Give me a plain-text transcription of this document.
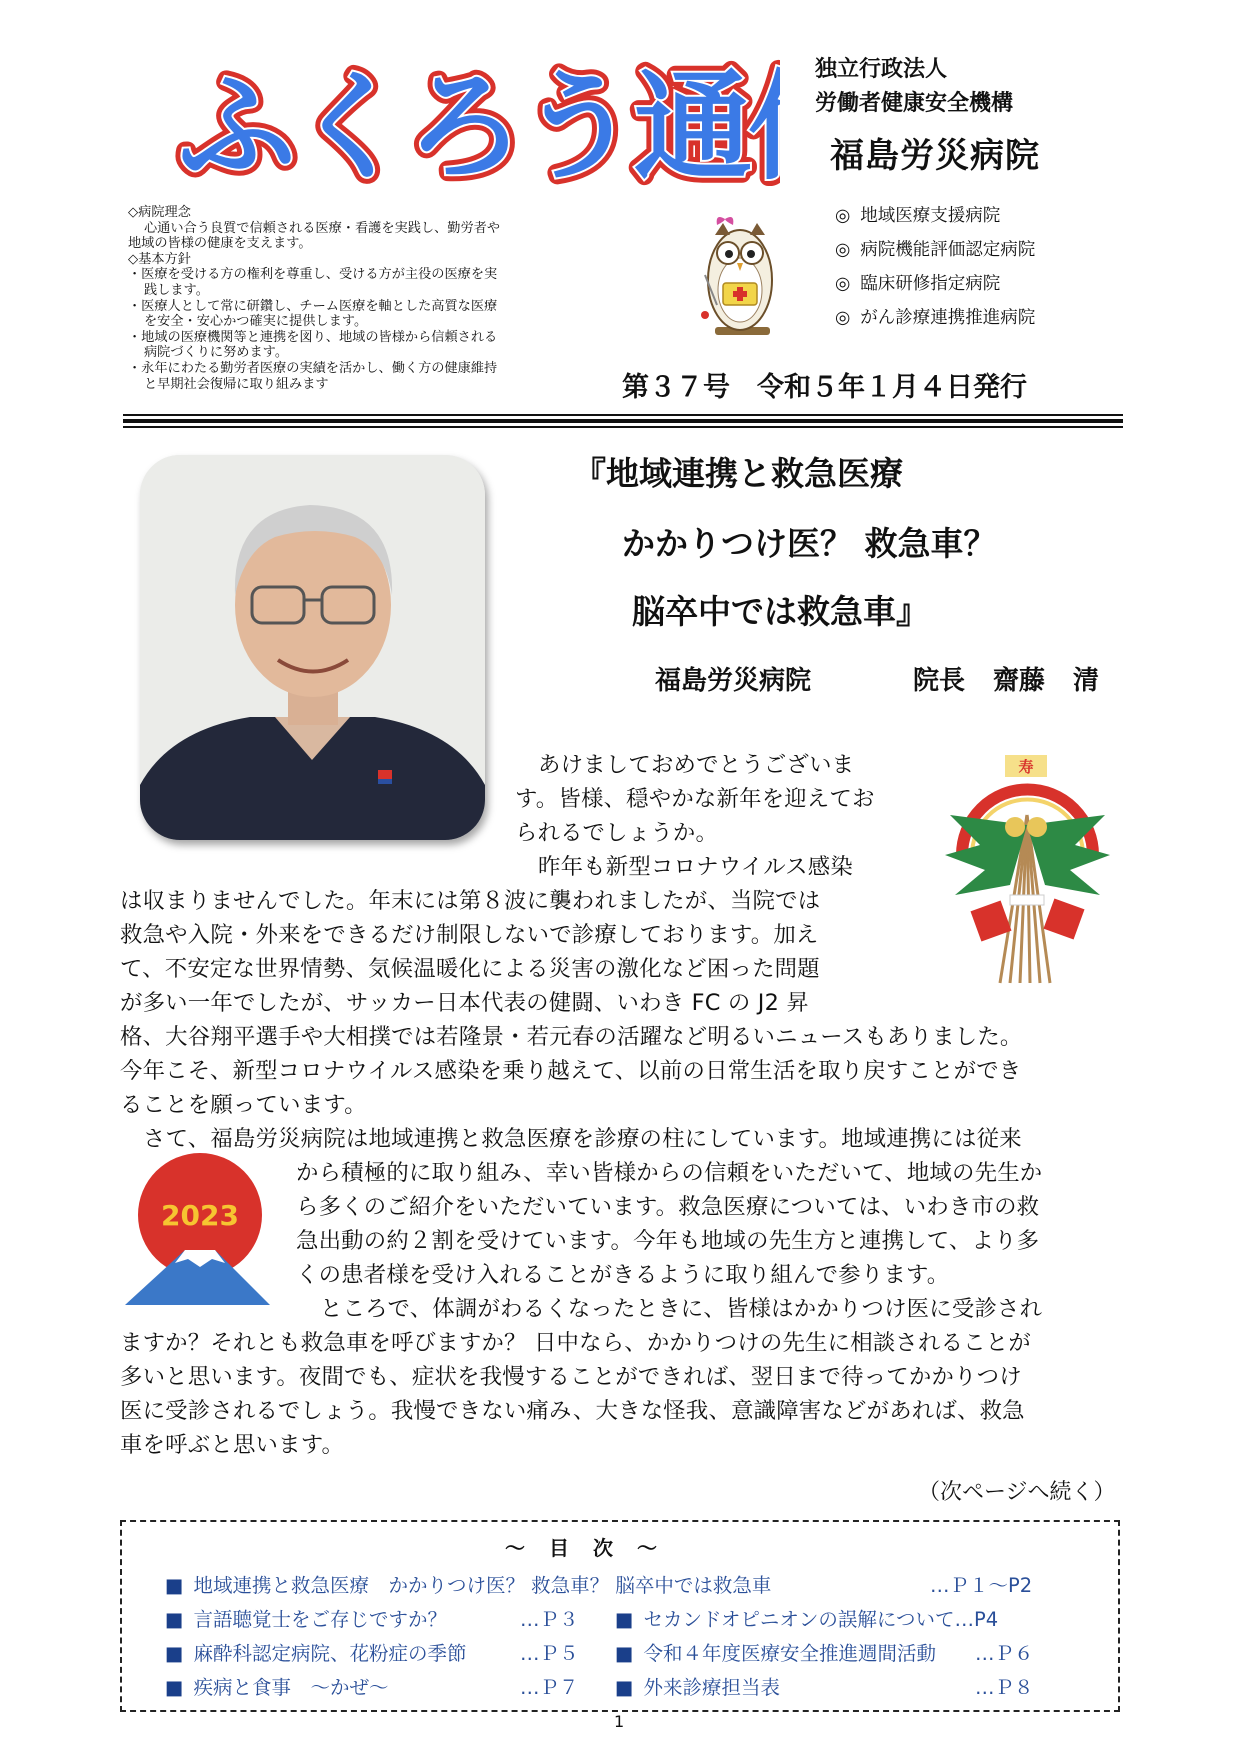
ふくろう通
ふくろう通	独立行政法人
労働者健康安全機構
福島労災病院
◇病院理念
心通い合う良質で信頼される医療・看護を実践し、勤労者や
地域の皆様の健康を支えます。
◇基本方針
・医療を受ける方の権利を尊重し、受ける方が主役の医療を実
践します。
・医療人として常に研鑽し、チーム医療を軸とした高質な医療
を安全・安心かつ確実に提供します。
・地域の医療機関等と連携を図り、地域の皆様から信頼される
病院づくりに努めます。
・永年にわたる勤労者医療の実績を活かし、働く方の健康維持
と早期社会復帰に取り組みます
◎ 地域医療支援病院
◎ 病院機能評価認定病院
◎ 臨床研修指定病院
◎ がん診療連携推進病院
第３７号　令和５年１月４日発行
『地域連携と救急医療
かかりつけ医？ 救急車？
脳卒中では救急車』
福島労災病院	院長 齋藤 清
寿
あけましておめでとうございま
す。皆様、穏やかな新年を迎えてお
られるでしょうか。
昨年も新型コロナウイルス感染
は収まりませんでした。年末には第８波に襲われましたが、当院では
救急や入院・外来をできるだけ制限しないで診療しております。加え
て、不安定な世界情勢、気候温暖化による災害の激化など困った問題
が多い一年でしたが、サッカー日本代表の健闘、いわき FC の J2 昇
格、大谷翔平選手や大相撲では若隆景・若元春の活躍など明るいニュースもありました。
今年こそ、新型コロナウイルス感染を乗り越えて、以前の日常生活を取り戻すことができ
ることを願っています。
さて、福島労災病院は地域連携と救急医療を診療の柱にしています。地域連携には従来
から積極的に取り組み、幸い皆様からの信頼をいただいて、地域の先生か
ら多くのご紹介をいただいています。救急医療については、いわき市の救
急出動の約２割を受けています。今年も地域の先生方と連携して、より多
くの患者様を受け入れることがきるように取り組んで参ります。
ところで、体調がわるくなったときに、皆様はかかりつけ医に受診され
ますか？それとも救急車を呼びますか？ 日中なら、かかりつけの先生に相談されることが
多いと思います。夜間でも、症状を我慢することができれば、翌日まで待ってかかりつけ
医に受診されるでしょう。我慢できない痛み、大きな怪我、意識障害などがあれば、救急
車を呼ぶと思います。
2023
（次ページへ続く）
～　目　次　～
■ 地域連携と救急医療　かかりつけ医？ 救急車？ 脳卒中では救急車	…Ｐ１～P2
■ 言語聴覚士をご存じですか？	…Ｐ３ ■ セカンドオピニオンの誤解について…P4
■ 麻酔科認定病院、花粉症の季節	…Ｐ５ ■ 令和４年度医療安全推進週間活動 …Ｐ６
■ 疾病と食事　～かぜ～	…Ｐ７ ■ 外来診療担当表	…Ｐ８
1
